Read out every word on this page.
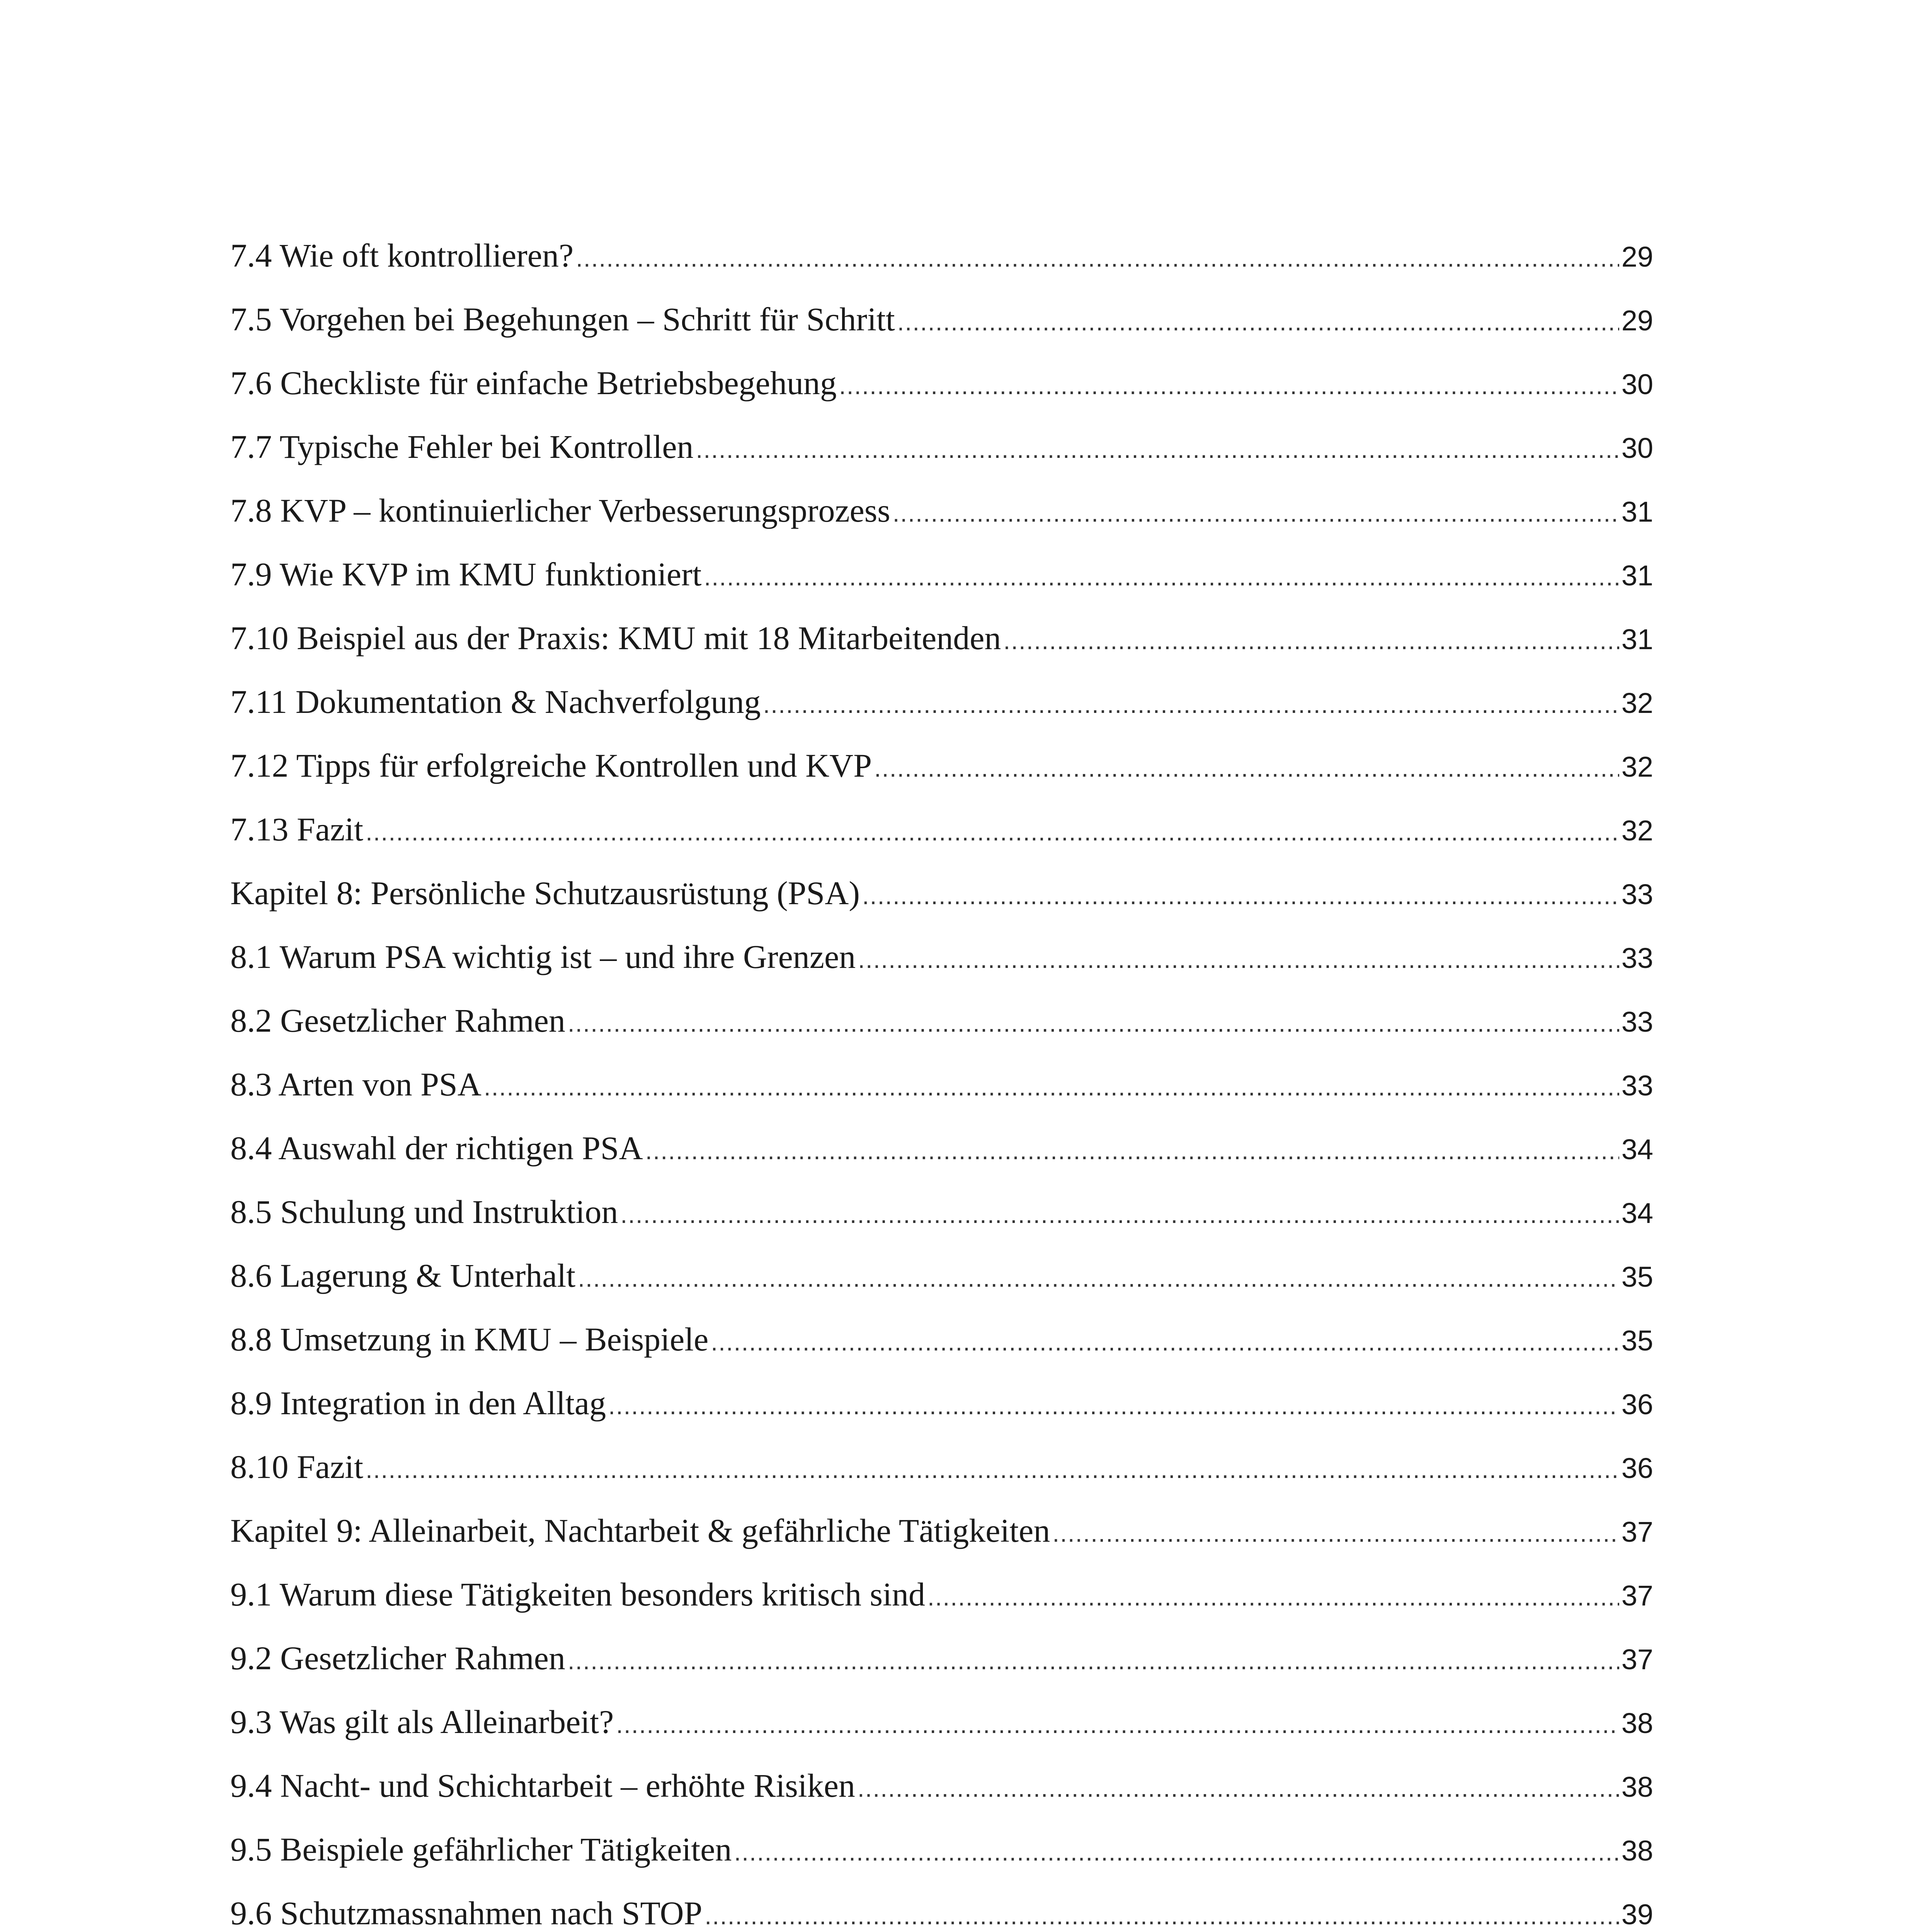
7.4 Wie oft kontrollieren? .....	29
7.5 Vorgehen bei Begehungen – Schritt für Schritt .....	29
7.6 Checkliste für einfache Betriebsbegehung .....	30
7.7 Typische Fehler bei Kontrollen .....	30
7.8 KVP – kontinuierlicher Verbesserungsprozess .....	31
7.9 Wie KVP im KMU funktioniert .....	31
7.10 Beispiel aus der Praxis: KMU mit 18 Mitarbeitenden .....	31
7.11 Dokumentation & Nachverfolgung .....	32
7.12 Tipps für erfolgreiche Kontrollen und KVP .....	32
7.13 Fazit .....	32
Kapitel 8: Persönliche Schutzausrüstung (PSA) .....	33
8.1 Warum PSA wichtig ist – und ihre Grenzen .....	33
8.2 Gesetzlicher Rahmen .....	33
8.3 Arten von PSA .....	33
8.4 Auswahl der richtigen PSA .....	34
8.5 Schulung und Instruktion .....	34
8.6 Lagerung & Unterhalt .....	35
8.8 Umsetzung in KMU – Beispiele .....	35
8.9 Integration in den Alltag .....	36
8.10 Fazit .....	36
Kapitel 9: Alleinarbeit, Nachtarbeit & gefährliche Tätigkeiten .....	37
9.1 Warum diese Tätigkeiten besonders kritisch sind .....	37
9.2 Gesetzlicher Rahmen .....	37
9.3 Was gilt als Alleinarbeit? .....	38
9.4 Nacht- und Schichtarbeit – erhöhte Risiken .....	38
9.5 Beispiele gefährlicher Tätigkeiten .....	38
9.6 Schutzmassnahmen nach STOP .....	39
